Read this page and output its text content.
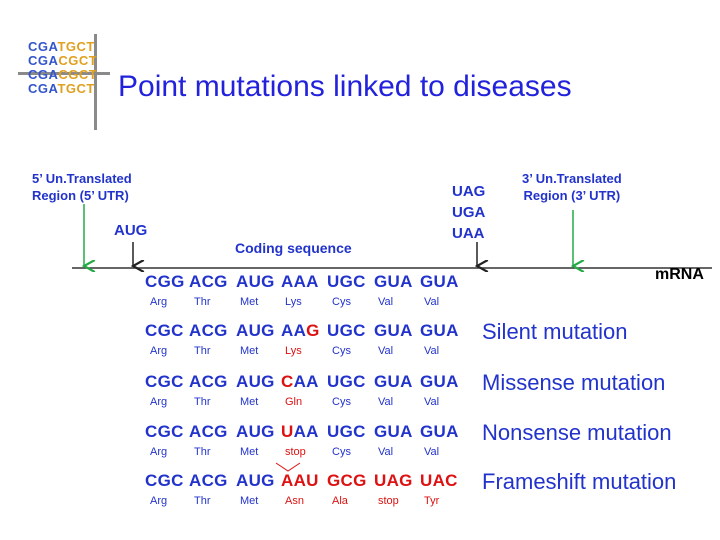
CGATGCT
CGACGCT
CGACGCT
CGATGCT Point mutations linked to diseases
5’ Un.Translated
Region (5’ UTR)
AUG
Coding sequence
UAG
UGA
UAA
3’ Un.Translated
Region (3’ UTR)
mRNA
CGG ACG AUG AAA UGC GUA GUA
Arg Thr	Met Lys	Cys Val	Val
CGC ACG AUG AAG UGC GUA GUA
Arg Thr	Met Lys	Cys Val	Val
Silent mutation
CGC ACG AUG CAA UGC GUA GUA
Arg Thr	Met Gln	Cys Val	Val
Missense mutation
CGC ACG AUG UAA UGC GUA GUA
Arg Thr	Met stop Cys Val	Val
Nonsense mutation
CGC ACG AUG AAU GCG UAG UAC
Arg Thr	Met Asn	Ala	stop Tyr
Frameshift mutation
